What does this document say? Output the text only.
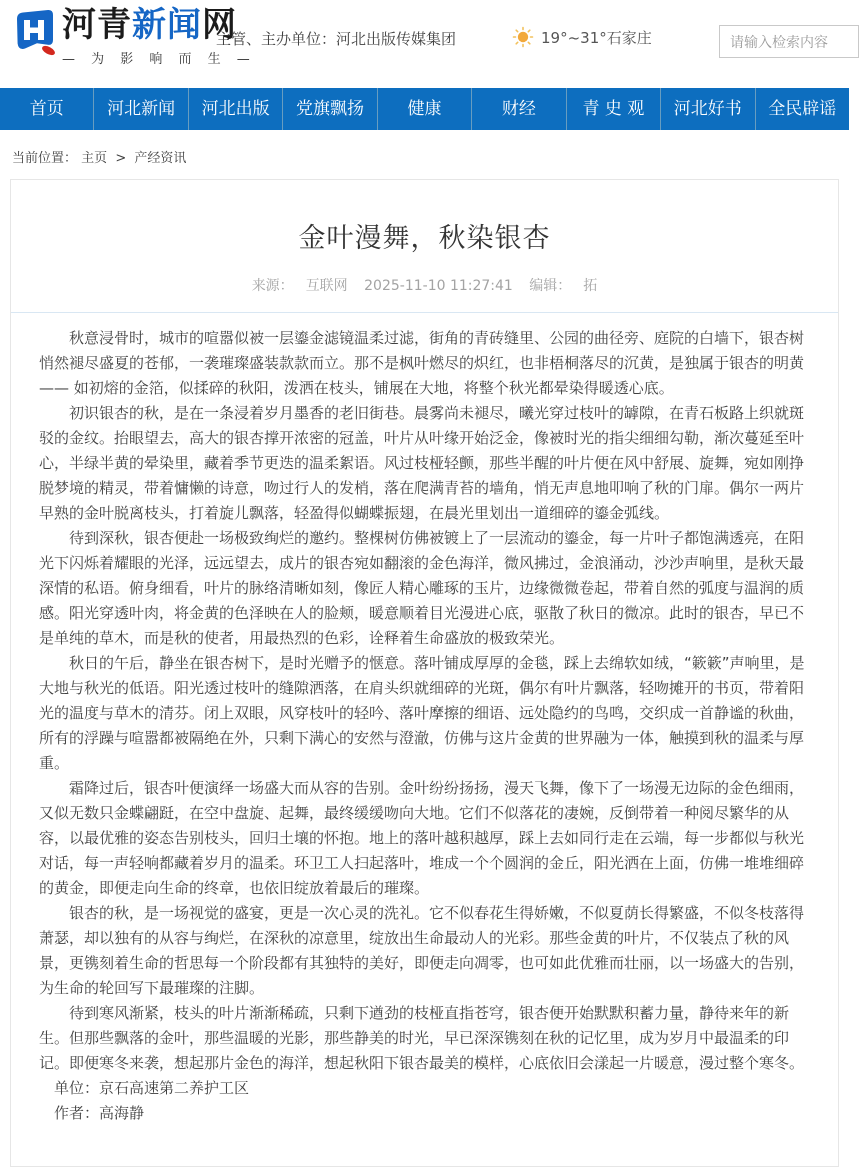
河青新闻网
— 为 影 响 而 生 —
主管、主办单位：河北出版传媒集团	19°~31°石家庄
请输入检索内容
首页	河北新闻	河北出版	党旗飘扬	健康	财经	青 史 观	河北好书	全民辟谣
当前位置： 主页 > 产经资讯
金叶漫舞，秋染银杏
来源： 互联网 2025-11-10 11:27:41 编辑： 拓

秋意浸骨时，城市的喧嚣似被一层鎏金滤镜温柔过滤，街角的青砖缝里、公园的曲径旁、庭院的白墙下，银杏树悄然褪尽盛夏的苍郁，一袭璀璨盛装款款而立。那不是枫叶燃尽的炽红，也非梧桐落尽的沉黄，是独属于银杏的明黄 —— 如初熔的金箔，似揉碎的秋阳，泼洒在枝头，铺展在大地，将整个秋光都晕染得暖透心底。

初识银杏的秋，是在一条浸着岁月墨香的老旧街巷。晨雾尚未褪尽，曦光穿过枝叶的罅隙，在青石板路上织就斑驳的金纹。抬眼望去，高大的银杏撑开浓密的冠盖，叶片从叶缘开始泛金，像被时光的指尖细细勾勒，渐次蔓延至叶心，半绿半黄的晕染里，藏着季节更迭的温柔絮语。风过枝桠轻颤，那些半醒的叶片便在风中舒展、旋舞，宛如刚挣脱梦境的精灵，带着慵懒的诗意，吻过行人的发梢，落在爬满青苔的墙角，悄无声息地叩响了秋的门扉。偶尔一两片早熟的金叶脱离枝头，打着旋儿飘落，轻盈得似蝴蝶振翅，在晨光里划出一道细碎的鎏金弧线。

待到深秋，银杏便赴一场极致绚烂的邀约。整棵树仿佛被镀上了一层流动的鎏金，每一片叶子都饱满透亮，在阳光下闪烁着耀眼的光泽，远远望去，成片的银杏宛如翻滚的金色海洋，微风拂过，金浪涌动，沙沙声响里，是秋天最深情的私语。俯身细看，叶片的脉络清晰如刻，像匠人精心雕琢的玉片，边缘微微卷起，带着自然的弧度与温润的质感。阳光穿透叶肉，将金黄的色泽映在人的脸颊，暖意顺着目光漫进心底，驱散了秋日的微凉。此时的银杏，早已不是单纯的草木，而是秋的使者，用最热烈的色彩，诠释着生命盛放的极致荣光。

秋日的午后，静坐在银杏树下，是时光赠予的惬意。落叶铺成厚厚的金毯，踩上去绵软如绒，“簌簌”声响里，是大地与秋光的低语。阳光透过枝叶的缝隙洒落，在肩头织就细碎的光斑，偶尔有叶片飘落，轻吻摊开的书页，带着阳光的温度与草木的清芬。闭上双眼，风穿枝叶的轻吟、落叶摩擦的细语、远处隐约的鸟鸣，交织成一首静谧的秋曲，所有的浮躁与喧嚣都被隔绝在外，只剩下满心的安然与澄澈，仿佛与这片金黄的世界融为一体，触摸到秋的温柔与厚重。

霜降过后，银杏叶便演绎一场盛大而从容的告别。金叶纷纷扬扬，漫天飞舞，像下了一场漫无边际的金色细雨，又似无数只金蝶翩跹，在空中盘旋、起舞，最终缓缓吻向大地。它们不似落花的凄婉，反倒带着一种阅尽繁华的从容，以最优雅的姿态告别枝头，回归土壤的怀抱。地上的落叶越积越厚，踩上去如同行走在云端，每一步都似与秋光对话，每一声轻响都藏着岁月的温柔。环卫工人扫起落叶，堆成一个个圆润的金丘，阳光洒在上面，仿佛一堆堆细碎的黄金，即便走向生命的终章，也依旧绽放着最后的璀璨。

银杏的秋，是一场视觉的盛宴，更是一次心灵的洗礼。它不似春花生得娇嫩，不似夏荫长得繁盛，不似冬枝落得萧瑟，却以独有的从容与绚烂，在深秋的凉意里，绽放出生命最动人的光彩。那些金黄的叶片，不仅装点了秋的风景，更镌刻着生命的哲思每一个阶段都有其独特的美好，即便走向凋零，也可如此优雅而壮丽，以一场盛大的告别，为生命的轮回写下最璀璨的注脚。

待到寒风渐紧，枝头的叶片渐渐稀疏，只剩下遒劲的枝桠直指苍穹，银杏便开始默默积蓄力量，静待来年的新生。但那些飘落的金叶，那些温暖的光影，那些静美的时光，早已深深镌刻在秋的记忆里，成为岁月中最温柔的印记。即便寒冬来袭，想起那片金色的海洋，想起秋阳下银杏最美的模样，心底依旧会漾起一片暖意，漫过整个寒冬。

单位：京石高速第二养护工区

作者：高海静
